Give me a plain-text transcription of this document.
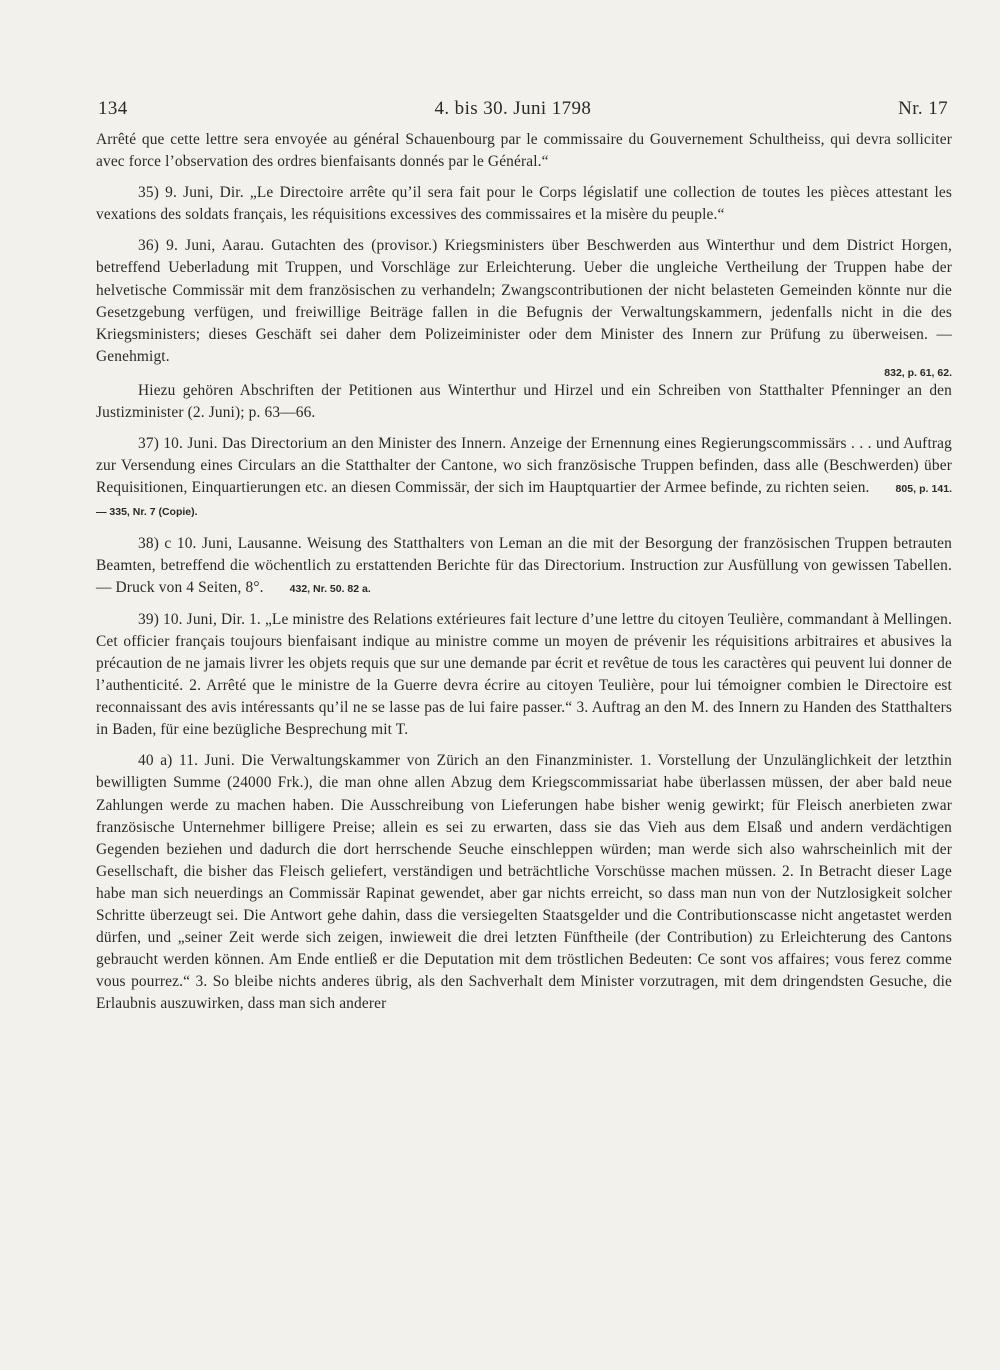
134	4. bis 30. Juni 1798	Nr. 17

Arrêté que cette lettre sera envoyée au général Schauenbourg par le commissaire du Gouvernement Schultheiss, qui devra solliciter avec force l’observation des ordres bienfaisants donnés par le Général.“

35) 9. Juni, Dir. „Le Directoire arrête qu’il sera fait pour le Corps législatif une collection de toutes les pièces attestant les vexations des soldats français, les réquisitions excessives des commissaires et la misère du peuple.“

36) 9. Juni, Aarau. Gutachten des (provisor.) Kriegsministers über Beschwerden aus Winterthur und dem District Horgen, betreffend Ueberladung mit Truppen, und Vorschläge zur Erleichterung. Ueber die ungleiche Vertheilung der Truppen habe der helvetische Commissär mit dem französischen zu verhandeln; Zwangscontributionen der nicht belasteten Gemeinden könnte nur die Gesetzgebung verfügen, und freiwillige Beiträge fallen in die Befugnis der Verwaltungskammern, jedenfalls nicht in die des Kriegsministers; dieses Geschäft sei daher dem Polizeiminister oder dem Minister des Innern zur Prüfung zu überweisen. — Genehmigt.

832, p. 61, 62.

Hiezu gehören Abschriften der Petitionen aus Winterthur und Hirzel und ein Schreiben von Statthalter Pfenninger an den Justizminister (2. Juni); p. 63—66.

37) 10. Juni. Das Directorium an den Minister des Innern. Anzeige der Ernennung eines Regierungscommissärs . . . und Auftrag zur Versendung eines Circulars an die Statthalter der Cantone, wo sich französische Truppen befinden, dass alle (Beschwerden) über Requisitionen, Einquartierungen etc. an diesen Commissär, der sich im Hauptquartier der Armee befinde, zu richten seien. 805, p. 141. — 335, Nr. 7 (Copie).

38) c 10. Juni, Lausanne. Weisung des Statthalters von Leman an die mit der Besorgung der französischen Truppen betrauten Beamten, betreffend die wöchentlich zu erstattenden Berichte für das Directorium. Instruction zur Ausfüllung von gewissen Tabellen. — Druck von 4 Seiten, 8°. 432, Nr. 50. 82 a.

39) 10. Juni, Dir. 1. „Le ministre des Relations extérieures fait lecture d’une lettre du citoyen Teulière, commandant à Mellingen. Cet officier français toujours bienfaisant indique au ministre comme un moyen de prévenir les réquisitions arbitraires et abusives la précaution de ne jamais livrer les objets requis que sur une demande par écrit et revêtue de tous les caractères qui peuvent lui donner de l’authenticité. 2. Arrêté que le ministre de la Guerre devra écrire au citoyen Teulière, pour lui témoigner combien le Directoire est reconnaissant des avis intéressants qu’il ne se lasse pas de lui faire passer.“ 3. Auftrag an den M. des Innern zu Handen des Statthalters in Baden, für eine bezügliche Besprechung mit T.

40 a) 11. Juni. Die Verwaltungskammer von Zürich an den Finanzminister. 1. Vorstellung der Unzulänglichkeit der letzthin bewilligten Summe (24000 Frk.), die man ohne allen Abzug dem Kriegscommissariat habe überlassen müssen, der aber bald neue Zahlungen werde zu machen haben. Die Ausschreibung von Lieferungen habe bisher wenig gewirkt; für Fleisch anerbieten zwar französische Unternehmer billigere Preise; allein es sei zu erwarten, dass sie das Vieh aus dem Elsaß und andern verdächtigen Gegenden beziehen und dadurch die dort herrschende Seuche einschleppen würden; man werde sich also wahrscheinlich mit der Gesellschaft, die bisher das Fleisch geliefert, verständigen und beträchtliche Vorschüsse machen müssen. 2. In Betracht dieser Lage habe man sich neuerdings an Commissär Rapinat gewendet, aber gar nichts erreicht, so dass man nun von der Nutzlosigkeit solcher Schritte überzeugt sei. Die Antwort gehe dahin, dass die versiegelten Staatsgelder und die Contributionscasse nicht angetastet werden dürfen, und „seiner Zeit werde sich zeigen, inwieweit die drei letzten Fünftheile (der Contribution) zu Erleichterung des Cantons gebraucht werden können. Am Ende entließ er die Deputation mit dem tröstlichen Bedeuten: Ce sont vos affaires; vous ferez comme vous pourrez.“ 3. So bleibe nichts anderes übrig, als den Sachverhalt dem Minister vorzutragen, mit dem dringendsten Gesuche, die Erlaubnis auszuwirken, dass man sich anderer
